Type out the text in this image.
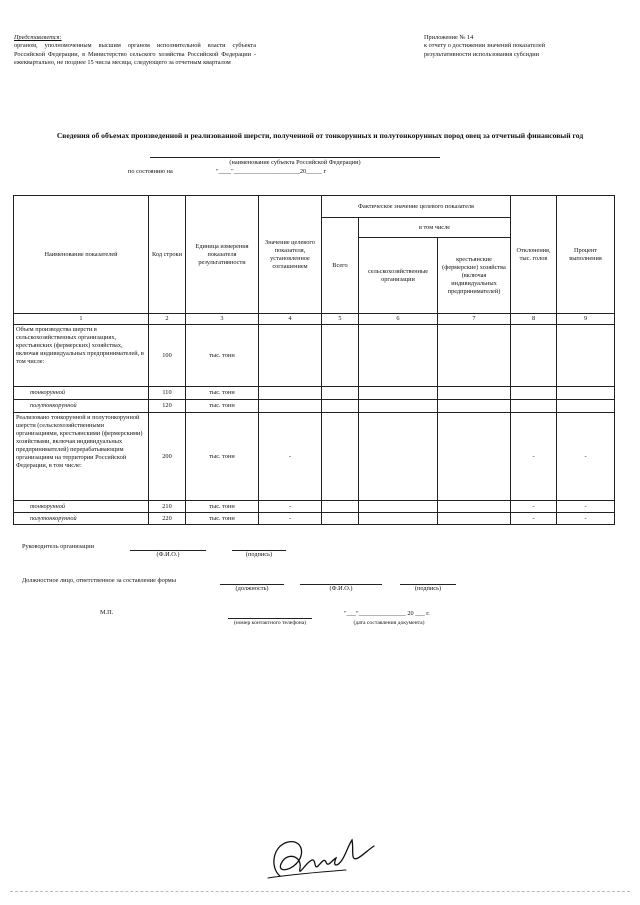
Представляется:
органом, уполномоченным высшим органом исполнительной власти субъекта Российской Федерации, в Министерство сельского хозяйства Российской Федерации - ежеквартально, не позднее 15 числа месяца, следующего за отчетным кварталом
Приложение № 14
к отчету о достижении значений показателей
результативности использования субсидии
Сведения об объемах произведенной и реализованной шерсти, полученной от тонкорунных и полутонкорунных пород овец за отчетный финансовый год
(наименование субъекта Российской Федерации)
по состоянию на	"____"_____________________20_____ г
Наименование показателей	Код строки	Единица измерения показателя результативности	Значение целевого показателя, установленное соглашением	Фактическое значение целевого показателя			Отклонения, тыс. голов	Процент выполнения
				Всего	в том числе			
					сельскохозяйственные организации	крестьянские (фермерские) хозяйства (включая индивидуальных предпринимателей)		
1	2	3	4	5	6	7	8	9
Объем производства шерсти в сельскохозяйственных организациях, крестьянских (фермерских) хозяйствах, включая индивидуальных предпринимателей, в том числе:	100	тыс. тонн						
тонкорунной	110	тыс. тонн						
полутонкорунной	120	тыс. тонн						
Реализовано тонкорунной и полутонкорунной шерсти (сельскохозяйственными организациями, крестьянскими (фермерскими) хозяйствами, включая индивидуальных предпринимателей) перерабатывающим организациям на территории Российской Федерации, в том числе:	200	тыс. тонн	-				-	-
тонкорунной	210	тыс. тонн	-				-	-
полутонкорунной	220	тыс. тонн	-				-	-
Руководитель организации
(Ф.И.О.)	(подпись)
Должностное лицо, ответственное за составление формы
(должность)	(Ф.И.О.)	(подпись)
М.П.
(номер контактного телефона)
"___"_______________ 20 ___ г.
(дата составления документа)
